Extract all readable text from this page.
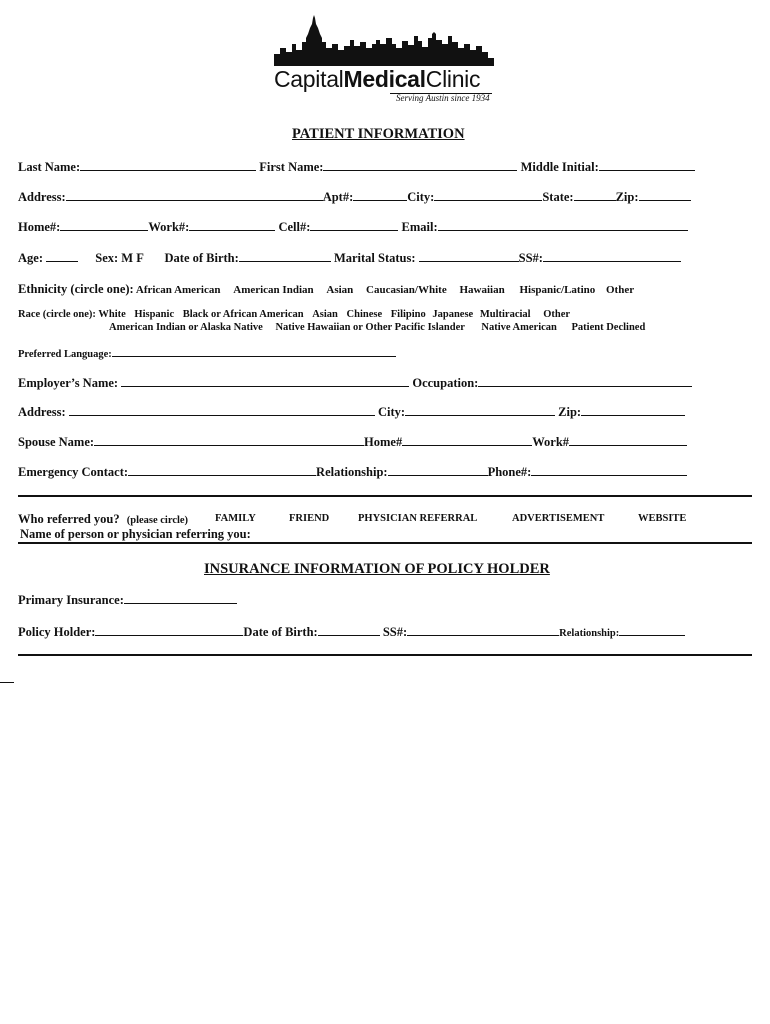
CapitalMedicalClinic
Serving Austin since 1934
PATIENT INFORMATION
Last Name:	First Name:	Middle Initial:
Address:	Apt#:	City:	State:	Zip:
Home#:	Work#:	Cell#:	Email:
Age:	Sex: M F Date of Birth:	Marital Status:	SS#:
Ethnicity (circle one): African American American Indian Asian Caucasian/White Hawaiian Hispanic/Latino Other
Race (circle one): White Hispanic Black or African American Asian Chinese Filipino Japanese Multiracial Other
American Indian or Alaska Native Native Hawaiian or Other Pacific Islander Native American Patient Declined
Preferred Language:
Employer’s Name:	Occupation:
Address:	City:	Zip:
Spouse Name:	Home#	Work#
Emergency Contact:	Relationship:	Phone#:
Who referred you? (please circle)	FAMILY	FRIEND	PHYSICIAN REFERRAL	ADVERTISEMENT	WEBSITE
Name of person or physician referring you:
INSURANCE INFORMATION OF POLICY HOLDER
Primary Insurance:
Policy Holder:	Date of Birth:	SS#:	Relationship:
